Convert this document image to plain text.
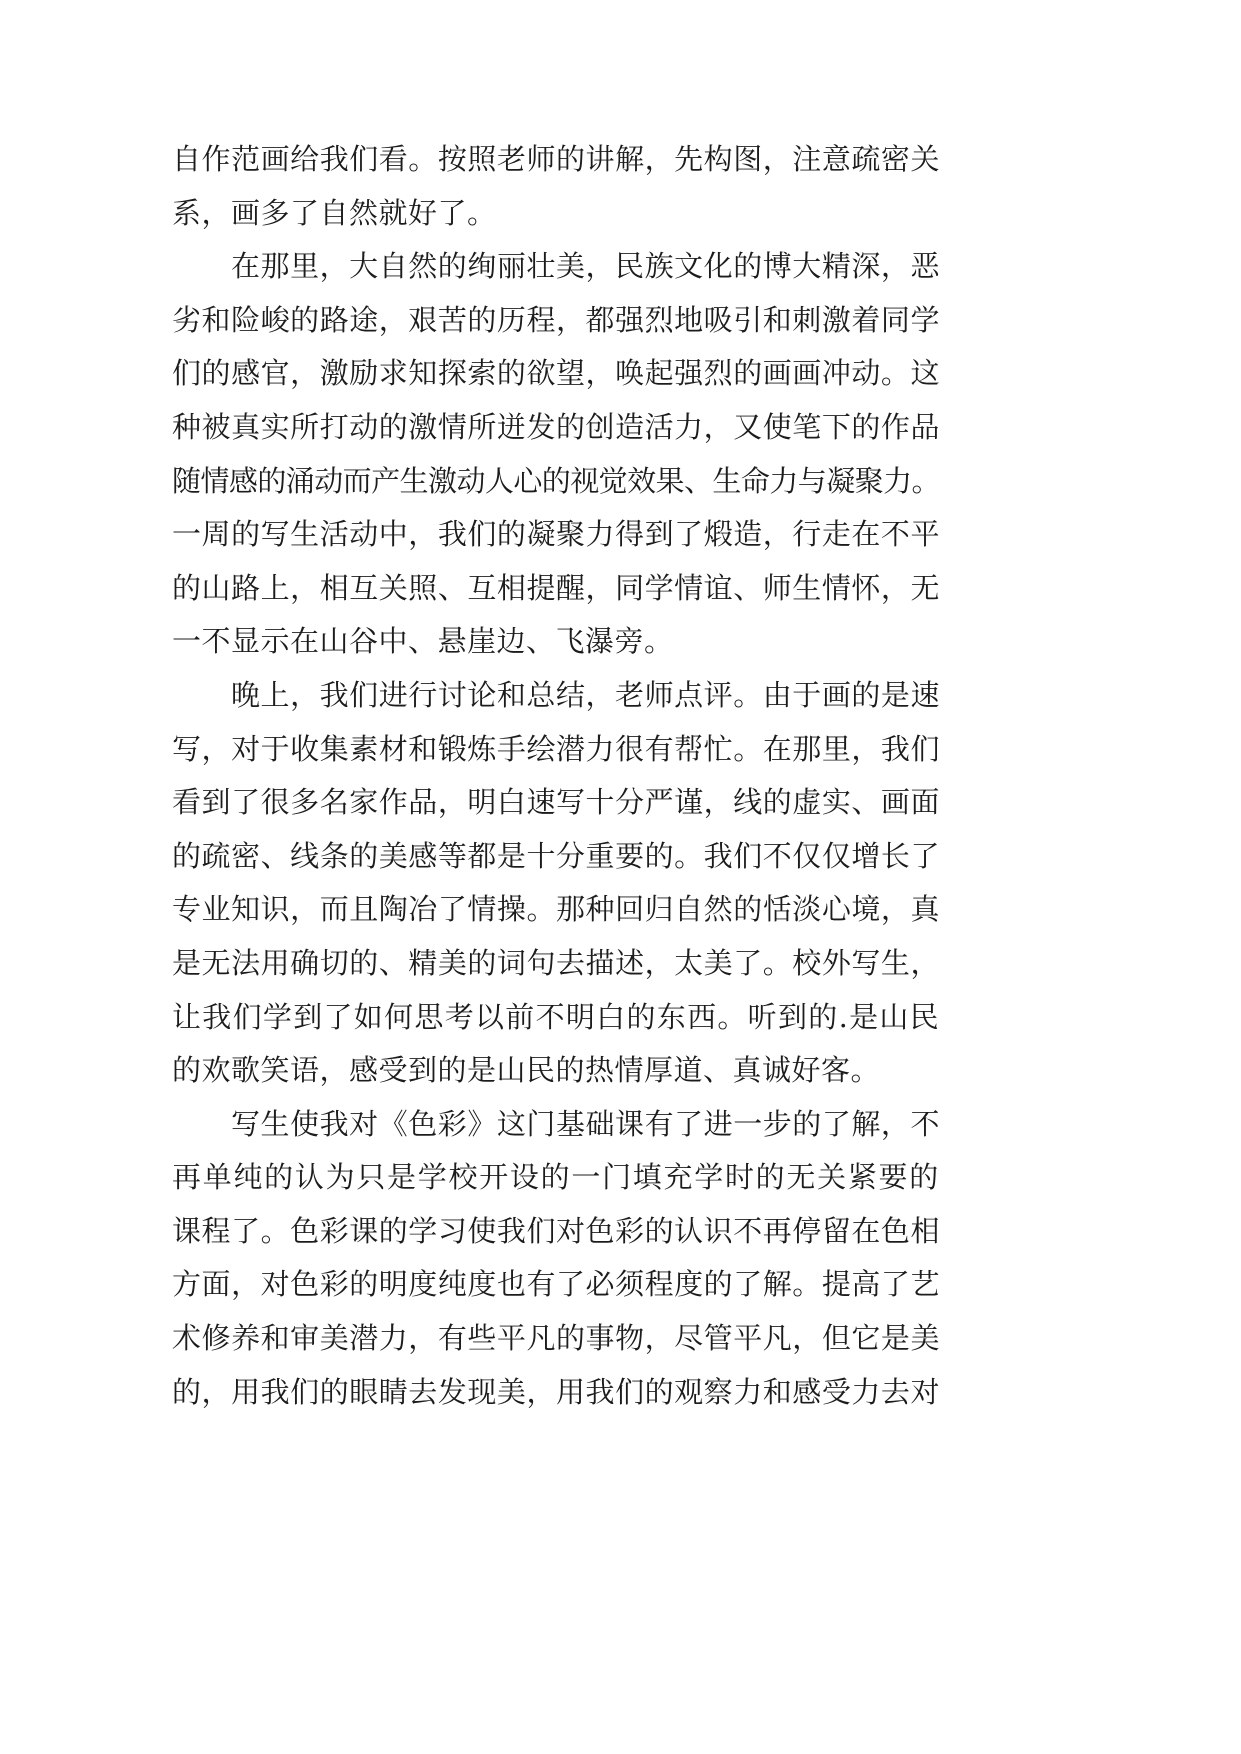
自作范画给我们看。按照老师的讲解，先构图，注意疏密关
系，画多了自然就好了。
在那里，大自然的绚丽壮美，民族文化的博大精深，恶
劣和险峻的路途，艰苦的历程，都强烈地吸引和刺激着同学
们的感官，激励求知探索的欲望，唤起强烈的画画冲动。这
种被真实所打动的激情所迸发的创造活力，又使笔下的作品
随情感的涌动而产生激动人心的视觉效果、生命力与凝聚力。
一周的写生活动中，我们的凝聚力得到了煅造，行走在不平
的山路上，相互关照、互相提醒，同学情谊、师生情怀，无
一不显示在山谷中、悬崖边、飞瀑旁。
晚上，我们进行讨论和总结，老师点评。由于画的是速
写，对于收集素材和锻炼手绘潜力很有帮忙。在那里，我们
看到了很多名家作品，明白速写十分严谨，线的虚实、画面
的疏密、线条的美感等都是十分重要的。我们不仅仅增长了
专业知识，而且陶冶了情操。那种回归自然的恬淡心境，真
是无法用确切的、精美的词句去描述，太美了。校外写生，
让我们学到了如何思考以前不明白的东西。听到的.是山民
的欢歌笑语，感受到的是山民的热情厚道、真诚好客。
写生使我对《色彩》这门基础课有了进一步的了解，不
再单纯的认为只是学校开设的一门填充学时的无关紧要的
课程了。色彩课的学习使我们对色彩的认识不再停留在色相
方面，对色彩的明度纯度也有了必须程度的了解。提高了艺
术修养和审美潜力，有些平凡的事物，尽管平凡，但它是美
的，用我们的眼睛去发现美，用我们的观察力和感受力去对
